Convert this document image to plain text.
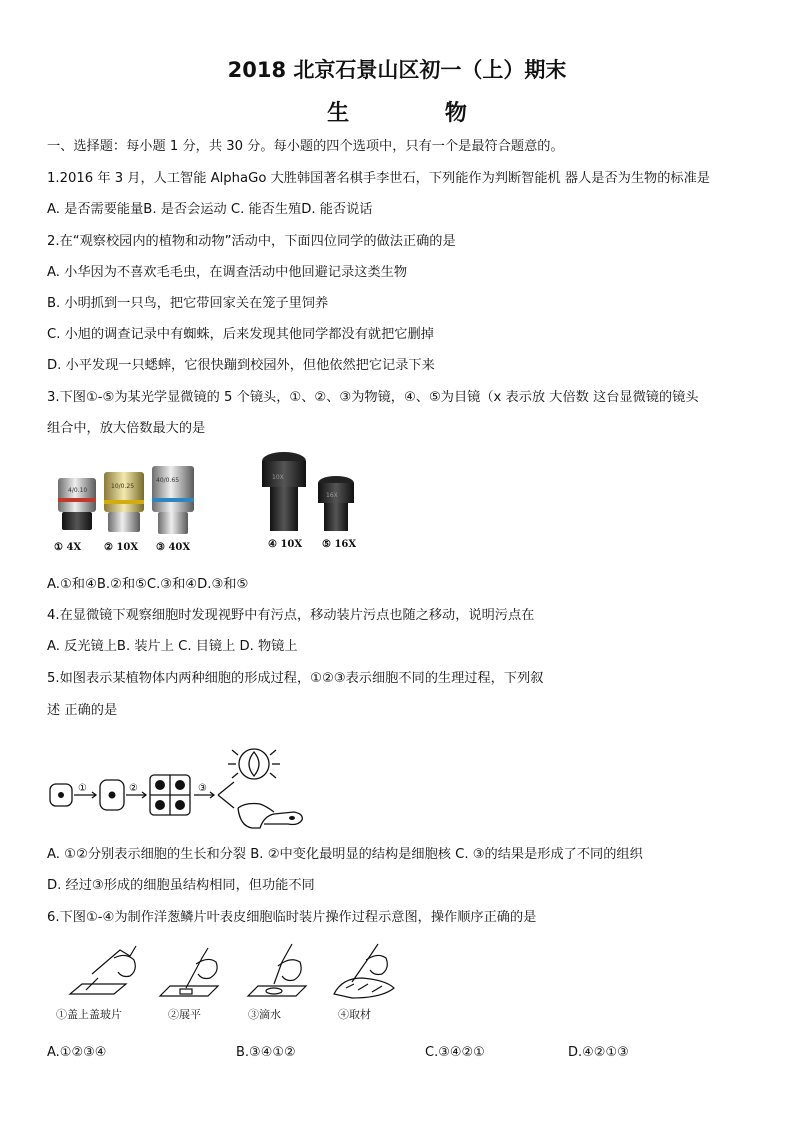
2018 北京石景山区初一（上）期末
生 物
一、选择题：每小题 1 分，共 30 分。每小题的四个选项中，只有一个是最符合题意的。
1.2016 年 3 月，人工智能 AlphaGo 大胜韩国著名棋手李世石，下列能作为判断智能机 器人是否为生物的标准是
A. 是否需要能量B. 是否会运动 C. 能否生殖D. 能否说话
2.在“观察校园内的植物和动物”活动中，下面四位同学的做法正确的是
A. 小华因为不喜欢毛毛虫，在调查活动中他回避记录这类生物
B. 小明抓到一只鸟，把它带回家关在笼子里饲养
C. 小旭的调查记录中有蜘蛛，后来发现其他同学都没有就把它删掉
D. 小平发现一只蟋蟀，它很快蹦到校园外，但他依然把它记录下来
3.下图①-⑤为某光学显微镜的 5 个镜头，①、②、③为物镜，④、⑤为目镜（x 表示放 大倍数 这台显微镜的镜头
组合中，放大倍数最大的是
4/0.10
10/0.25
40/0.65
① 4X ② 10X ③ 40X
10X
16X
④ 10X ⑤ 16X
A.①和④B.②和⑤C.③和④D.③和⑤
4.在显微镜下观察细胞时发现视野中有污点，移动装片污点也随之移动，说明污点在
A. 反光镜上B. 装片上 C. 目镜上 D. 物镜上
5.如图表示某植物体内两种细胞的形成过程，①②③表示细胞不同的生理过程，下列叙
述 正确的是
①	②	③
A. ①②分别表示细胞的生长和分裂 B. ②中变化最明显的结构是细胞核 C. ③的结果是形成了不同的组织
D. 经过③形成的细胞虽结构相同，但功能不同
6.下图①-④为制作洋葱鳞片叶表皮细胞临时装片操作过程示意图，操作顺序正确的是
①盖上盖玻片	②展平	③滴水	④取材
A.①②③④	B.③④①②	C.③④②①	D.④②①③
